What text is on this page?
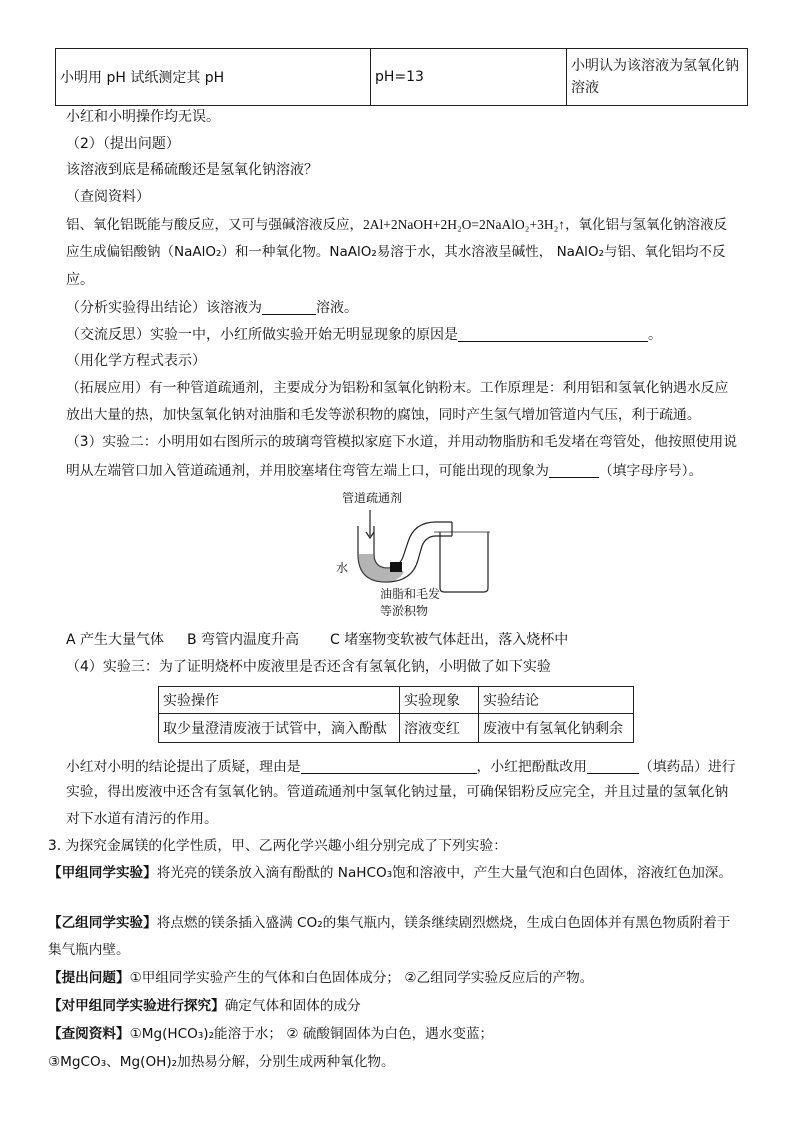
小明用 pH 试纸测定其 pH	pH=13	
小明认为该溶液为氢氧化钠
溶液
小红和小明操作均无误。
（2）（提出问题）
该溶液到底是稀硫酸还是氢氧化钠溶液？
（查阅资料）
铝、氧化铝既能与酸反应，又可与强碱溶液反应，2Al+2NaOH+2H₂O=2NaAlO₂+3H₂↑，氧化铝与氢氧化钠溶液反
应生成偏铝酸钠（NaAlO₂）和一种氧化物。NaAlO₂易溶于水，其水溶液呈碱性， NaAlO₂与铝、氧化铝均不反
应。
（分析实验得出结论）该溶液为	溶液。
（交流反思）实验一中，小红所做实验开始无明显现象的原因是	。
（用化学方程式表示）
（拓展应用）有一种管道疏通剂，主要成分为铝粉和氢氧化钠粉末。工作原理是：利用铝和氢氧化钠遇水反应
放出大量的热，加快氢氧化钠对油脂和毛发等淤积物的腐蚀，同时产生氢气增加管道内气压，利于疏通。
（3）实验二：小明用如右图所示的玻璃弯管模拟家庭下水道，并用动物脂肪和毛发堵在弯管处，他按照使用说
明从左端管口加入管道疏通剂，并用胶塞堵住弯管左端上口，可能出现的现象为	（填字母序号）。
管道疏通剂
水
油脂和毛发
等淤积物
A 产生大量气体 B 弯管内温度升高 C 堵塞物变软被气体赶出，落入烧杯中
（4）实验三：为了证明烧杯中废液里是否还含有氢氧化钠，小明做了如下实验
实验操作	实验现象	实验结论
取少量澄清废液于试管中，滴入酚酞	溶液变红	废液中有氢氧化钠剩余
小红对小明的结论提出了质疑，理由是	，小红把酚酞改用	（填药品）进行
实验，得出废液中还含有氢氧化钠。管道疏通剂中氢氧化钠过量，可确保铝粉反应完全，并且过量的氢氧化钠
对下水道有清污的作用。
3. 为探究金属镁的化学性质，甲、乙两化学兴趣小组分别完成了下列实验：
【甲组同学实验】将光亮的镁条放入滴有酚酞的 NaHCO₃饱和溶液中，产生大量气泡和白色固体，溶液红色加深。
【乙组同学实验】将点燃的镁条插入盛满 CO₂的集气瓶内，镁条继续剧烈燃烧，生成白色固体并有黑色物质附着于
集气瓶内壁。
【提出问题】①甲组同学实验产生的气体和白色固体成分； ②乙组同学实验反应后的产物。
【对甲组同学实验进行探究】确定气体和固体的成分
【查阅资料】①Mg(HCO₃)₂能溶于水； ② 硫酸铜固体为白色，遇水变蓝；
③MgCO₃、Mg(OH)₂加热易分解，分别生成两种氧化物。
